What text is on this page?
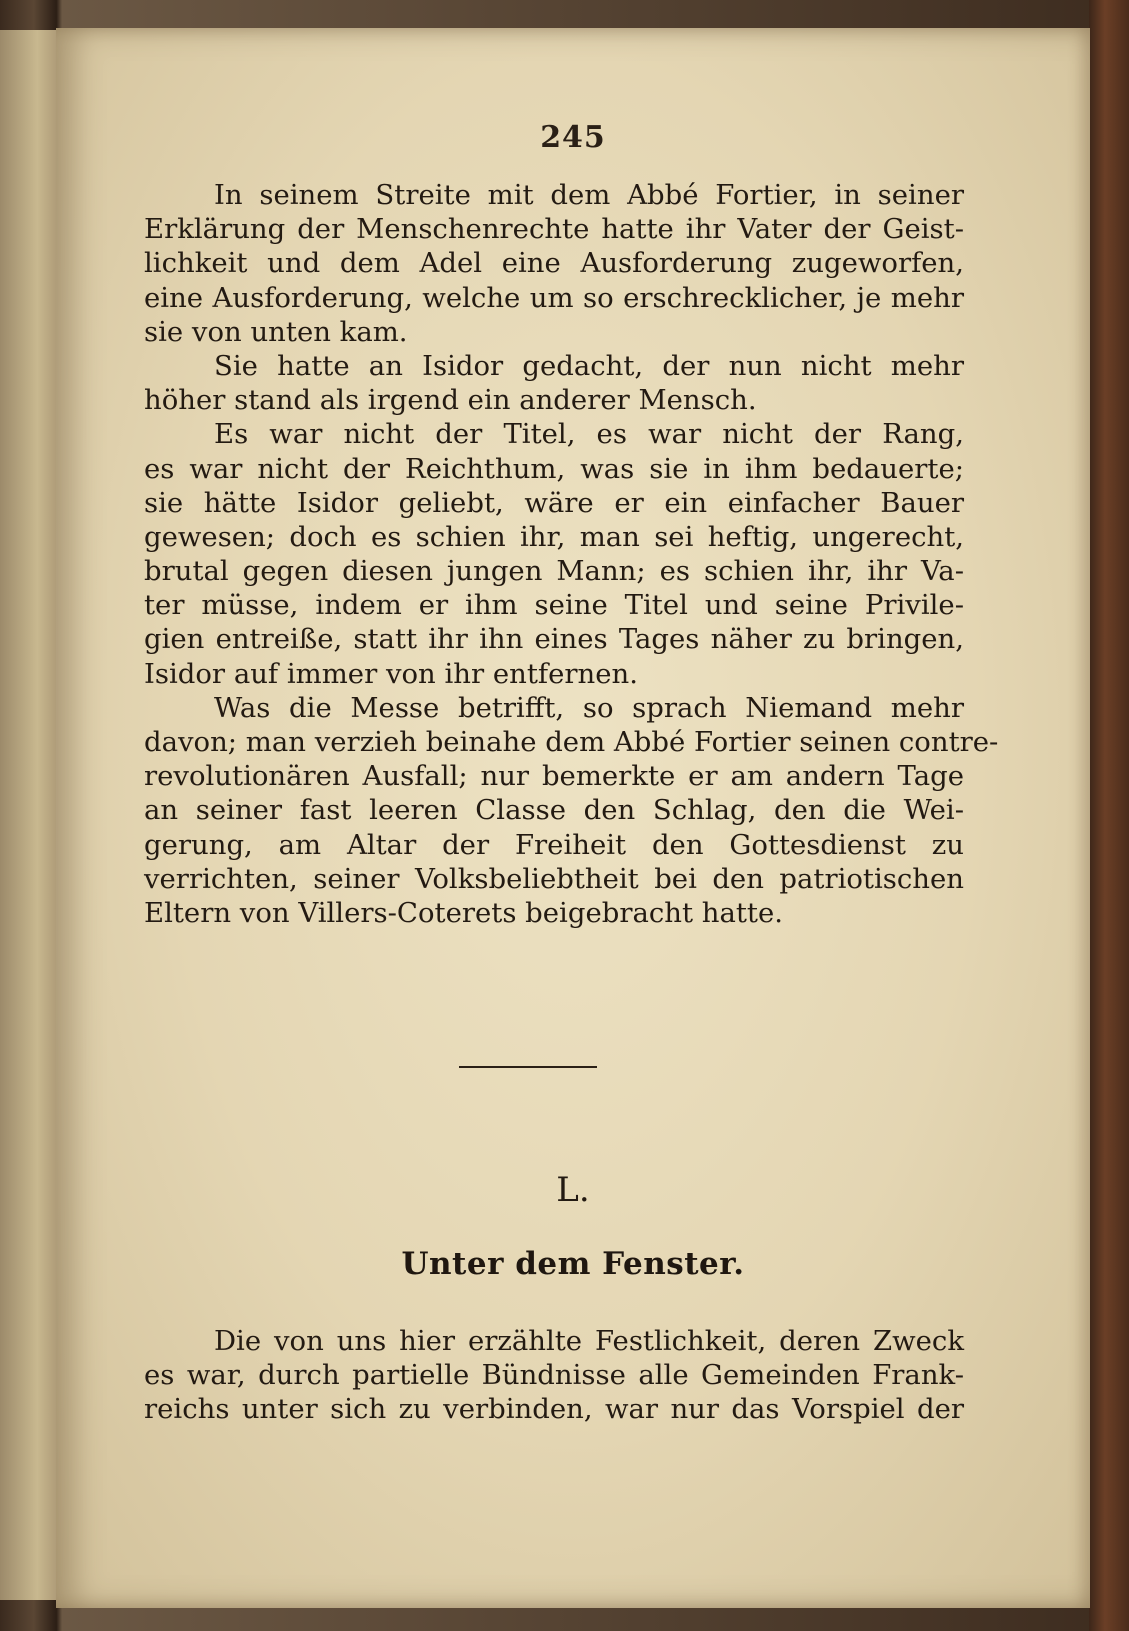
245
In seinem Streite mit dem Abbé Fortier, in seiner
Erklärung der Menschenrechte hatte ihr Vater der Geist-
lichkeit und dem Adel eine Ausforderung zugeworfen,
eine Ausforderung, welche um so erschrecklicher, je mehr
sie von unten kam.
Sie hatte an Isidor gedacht, der nun nicht mehr
höher stand als irgend ein anderer Mensch.
Es war nicht der Titel, es war nicht der Rang,
es war nicht der Reichthum, was sie in ihm bedauerte;
sie hätte Isidor geliebt, wäre er ein einfacher Bauer
gewesen; doch es schien ihr, man sei heftig, ungerecht,
brutal gegen diesen jungen Mann; es schien ihr, ihr Va-
ter müsse, indem er ihm seine Titel und seine Privile-
gien entreiße, statt ihr ihn eines Tages näher zu bringen,
Isidor auf immer von ihr entfernen.
Was die Messe betrifft, so sprach Niemand mehr
davon; man verzieh beinahe dem Abbé Fortier seinen contre-
revolutionären Ausfall; nur bemerkte er am andern Tage
an seiner fast leeren Classe den Schlag, den die Wei-
gerung, am Altar der Freiheit den Gottesdienst zu
verrichten, seiner Volksbeliebtheit bei den patriotischen
Eltern von Villers-Coterets beigebracht hatte.
L.
Unter dem Fenster.
Die von uns hier erzählte Festlichkeit, deren Zweck
es war, durch partielle Bündnisse alle Gemeinden Frank-
reichs unter sich zu verbinden, war nur das Vorspiel der
